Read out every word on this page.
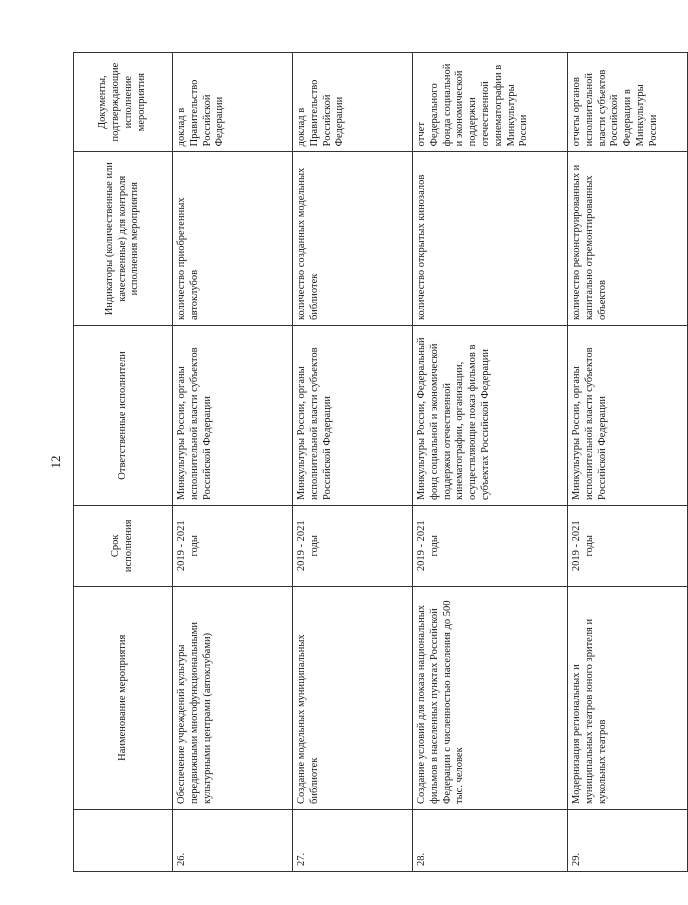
12
	Наименование мероприятия	Срок исполнения	Ответственные исполнители	Индикаторы (количественные или качественные) для контроля исполнения мероприятия	Документы, подтверждающие исполнение мероприятия
26.	Обеспечение учреждений культуры передвижными многофункциональными культурными центрами (автоклубами)	2019 - 2021 годы	Минкультуры России, органы исполнительной власти субъектов Российской Федерации	количество приобретенных автоклубов	доклад в Правительство Российской Федерации
27.	Создание модельных муниципальных библиотек	2019 - 2021 годы	Минкультуры России, органы исполнительной власти субъектов Российской Федерации	количество созданных модельных библиотек	доклад в Правительство Российской Федерации
28.	Создание условий для показа национальных фильмов в населенных пунктах Российской Федерации с численностью населения до 500 тыс. человек	2019 - 2021 годы	Минкультуры России, Федеральный фонд социальной и экономической поддержки отечественной кинематографии, организации, осуществляющие показ фильмов в субъектах Российской Федерации	количество открытых кинозалов	отчет Федерального фонда социальной и экономической поддержки отечественной кинематографии в Минкультуры России
29.	Модернизация региональных и муниципальных театров юного зрителя и кукольных театров	2019 - 2021 годы	Минкультуры России, органы исполнительной власти субъектов Российской Федерации	количество реконструированных и капитально отремонтированных объектов	отчеты органов исполнительной власти субъектов Российской Федерации в Минкультуры России
